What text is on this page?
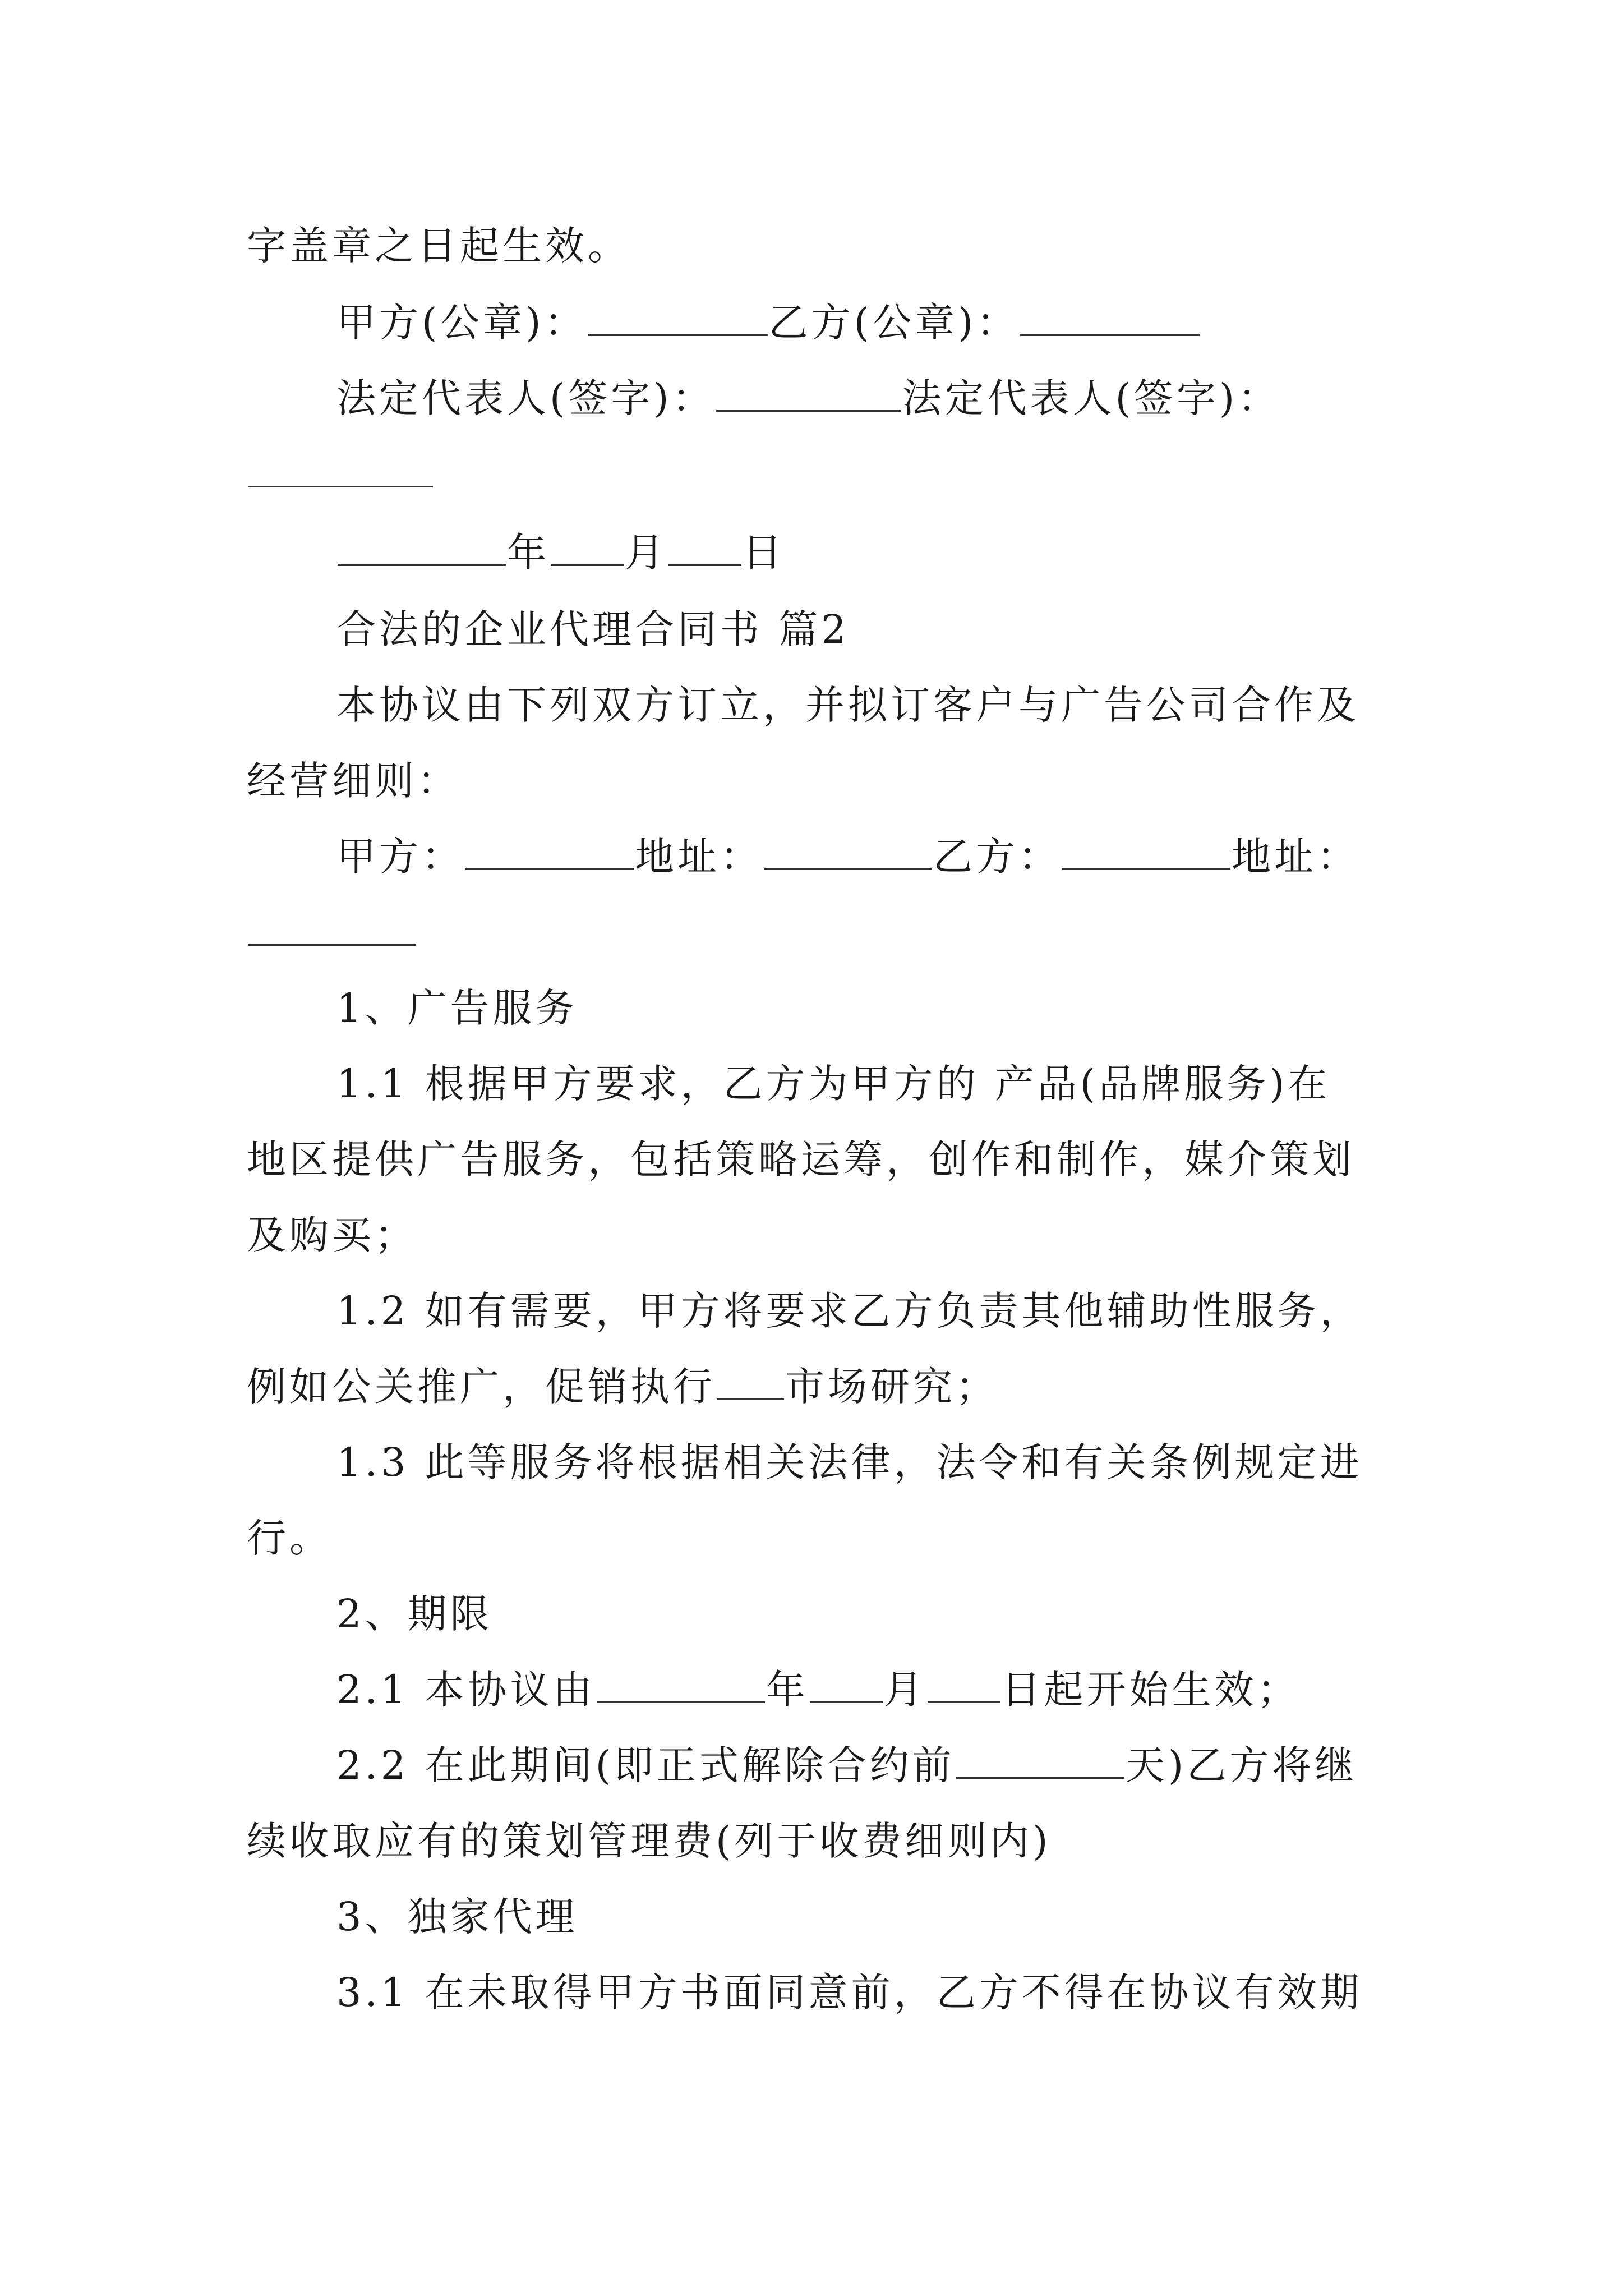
字盖章之日起生效。

甲方(公章)：	乙方(公章)：

法定代表人(签字)：	法定代表人(签字)：

年 月 日

合法的企业代理合同书 篇2

本协议由下列双方订立，并拟订客户与广告公司合作及

经营细则：

甲方：	地址：	乙方：	地址：

1、广告服务

1.1 根据甲方要求，乙方为甲方的 产品(品牌服务)在

地区提供广告服务，包括策略运筹，创作和制作，媒介策划

及购买；

1.2 如有需要，甲方将要求乙方负责其他辅助性服务，

例如公关推广，促销执行 市场研究；

1.3 此等服务将根据相关法律，法令和有关条例规定进

行。

2、期限

2.1 本协议由	年 月 日起开始生效；

2.2 在此期间(即正式解除合约前	天)乙方将继

续收取应有的策划管理费(列于收费细则内)

3、独家代理

3.1 在未取得甲方书面同意前，乙方不得在协议有效期
